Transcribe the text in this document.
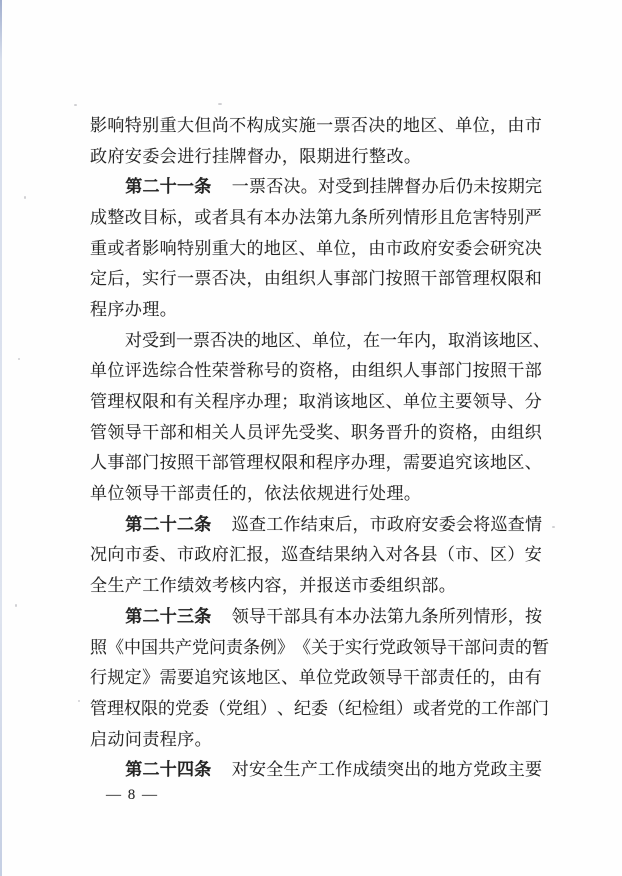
影 响 特 别 重 大 但 尚 不 构 成 实 施 一 票 否 决 的 地 区 、 单 位 ， 由 市
政 府 安 委 会 进 行 挂 牌 督 办 ， 限 期 进 行 整 改 。
第 二 十 一 条 一 票 否 决 。 对 受 到 挂 牌 督 办 后 仍 未 按 期 完
成 整 改 目 标 ， 或 者 具 有 本 办 法 第 九 条 所 列 情 形 且 危 害 特 别 严
重 或 者 影 响 特 别 重 大 的 地 区 、 单 位 ， 由 市 政 府 安 委 会 研 究 决
定 后 ， 实 行 一 票 否 决 ， 由 组 织 人 事 部 门 按 照 干 部 管 理 权 限 和
程 序 办 理 。
对 受 到 一 票 否 决 的 地 区 、 单 位 ， 在 一 年 内 ， 取 消 该 地 区 、
单 位 评 选 综 合 性 荣 誉 称 号 的 资 格 ， 由 组 织 人 事 部 门 按 照 干 部
管 理 权 限 和 有 关 程 序 办 理 ； 取 消 该 地 区 、 单 位 主 要 领 导 、 分
管 领 导 干 部 和 相 关 人 员 评 先 受 奖 、 职 务 晋 升 的 资 格 ， 由 组 织
人 事 部 门 按 照 干 部 管 理 权 限 和 程 序 办 理 ， 需 要 追 究 该 地 区 、
单 位 领 导 干 部 责 任 的 ， 依 法 依 规 进 行 处 理 。
第 二 十 二 条 巡 查 工 作 结 束 后 ， 市 政 府 安 委 会 将 巡 查 情
况 向 市 委 、 市 政 府 汇 报 ， 巡 查 结 果 纳 入 对 各 县 （ 市 、 区 ） 安
全 生 产 工 作 绩 效 考 核 内 容 ， 并 报 送 市 委 组 织 部 。
第 二 十 三 条 领 导 干 部 具 有 本 办 法 第 九 条 所 列 情 形 ， 按
照 《 中 国 共 产 党 问 责 条 例 》 《 关 于 实 行 党 政 领 导 干 部 问 责 的 暂
行 规 定 》 需 要 追 究 该 地 区 、 单 位 党 政 领 导 干 部 责 任 的 ， 由 有
管 理 权 限 的 党 委 （ 党 组 ） 、 纪 委 （ 纪 检 组 ） 或 者 党 的 工 作 部 门
启 动 问 责 程 序 。
第 二 十 四 条 对 安 全 生 产 工 作 成 绩 突 出 的 地 方 党 政 主 要
— 8 —
